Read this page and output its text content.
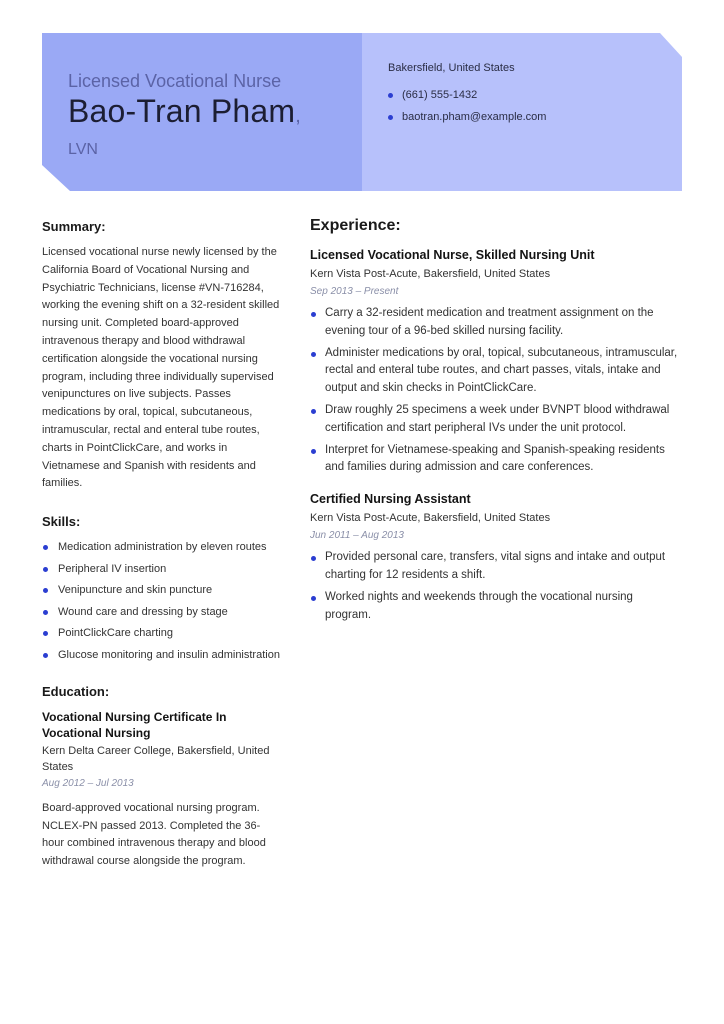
Licensed Vocational Nurse
Bao-Tran Pham,
LVN
Bakersfield, United States
(661) 555-1432
baotran.pham@example.com
Summary:

Licensed vocational nurse newly licensed by the California Board of Vocational Nursing and Psychiatric Technicians, license #VN-716284, working the evening shift on a 32-resident skilled nursing unit. Completed board-approved intravenous therapy and blood withdrawal certification alongside the vocational nursing program, including three individually supervised venipunctures on live subjects. Passes medications by oral, topical, subcutaneous, intramuscular, rectal and enteral tube routes, charts in PointClickCare, and works in Vietnamese and Spanish with residents and families.

Skills:
Medication administration by eleven routes
Peripheral IV insertion
Venipuncture and skin puncture
Wound care and dressing by stage
PointClickCare charting
Glucose monitoring and insulin administration
Education:

Vocational Nursing Certificate In Vocational Nursing

Kern Delta Career College, Bakersfield, United States

Aug 2012 – Jul 2013

Board-approved vocational nursing program. NCLEX-PN passed 2013. Completed the 36-hour combined intravenous therapy and blood withdrawal course alongside the program.

Experience:

Licensed Vocational Nurse, Skilled Nursing Unit

Kern Vista Post-Acute, Bakersfield, United States

Sep 2013 – Present

Carry a 32-resident medication and treatment assignment on the evening tour of a 96-bed skilled nursing facility.
Administer medications by oral, topical, subcutaneous, intramuscular, rectal and enteral tube routes, and chart passes, vitals, intake and output and skin checks in PointClickCare.
Draw roughly 25 specimens a week under BVNPT blood withdrawal certification and start peripheral IVs under the unit protocol.
Interpret for Vietnamese-speaking and Spanish-speaking residents and families during admission and care conferences.

Certified Nursing Assistant

Kern Vista Post-Acute, Bakersfield, United States

Jun 2011 – Aug 2013

Provided personal care, transfers, vital signs and intake and output charting for 12 residents a shift.
Worked nights and weekends through the vocational nursing program.
